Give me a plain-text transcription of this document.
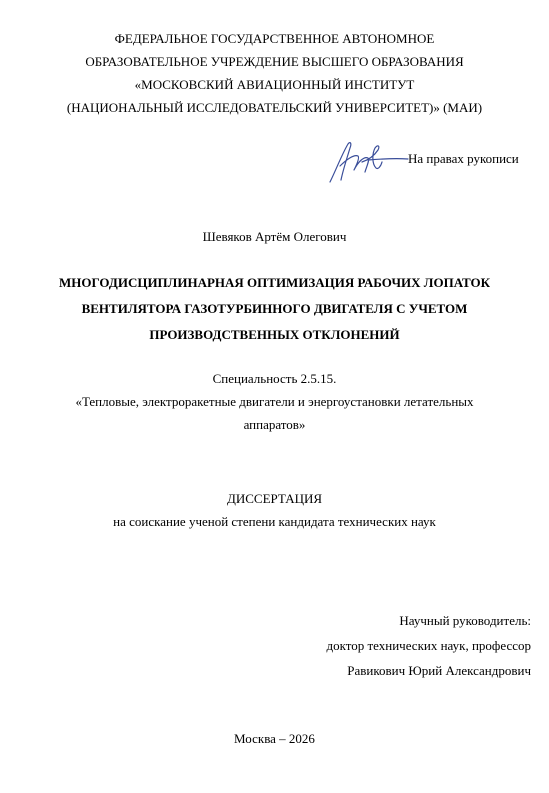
ФЕДЕРАЛЬНОЕ ГОСУДАРСТВЕННОЕ АВТОНОМНОЕ
ОБРАЗОВАТЕЛЬНОЕ УЧРЕЖДЕНИЕ ВЫСШЕГО ОБРАЗОВАНИЯ
«МОСКОВСКИЙ АВИАЦИОННЫЙ ИНСТИТУТ
(НАЦИОНАЛЬНЫЙ ИССЛЕДОВАТЕЛЬСКИЙ УНИВЕРСИТЕТ)» (МАИ)
На правах рукописи
Шевяков Артём Олегович
МНОГОДИСЦИПЛИНАРНАЯ ОПТИМИЗАЦИЯ РАБОЧИХ ЛОПАТОК
ВЕНТИЛЯТОРА ГАЗОТУРБИННОГО ДВИГАТЕЛЯ С УЧЕТОМ
ПРОИЗВОДСТВЕННЫХ ОТКЛОНЕНИЙ
Специальность 2.5.15.
«Тепловые, электроракетные двигатели и энергоустановки летательных
аппаратов»
ДИССЕРТАЦИЯ
на соискание ученой степени кандидата технических наук
Научный руководитель:
доктор технических наук, профессор
Равикович Юрий Александрович
Москва – 2026
